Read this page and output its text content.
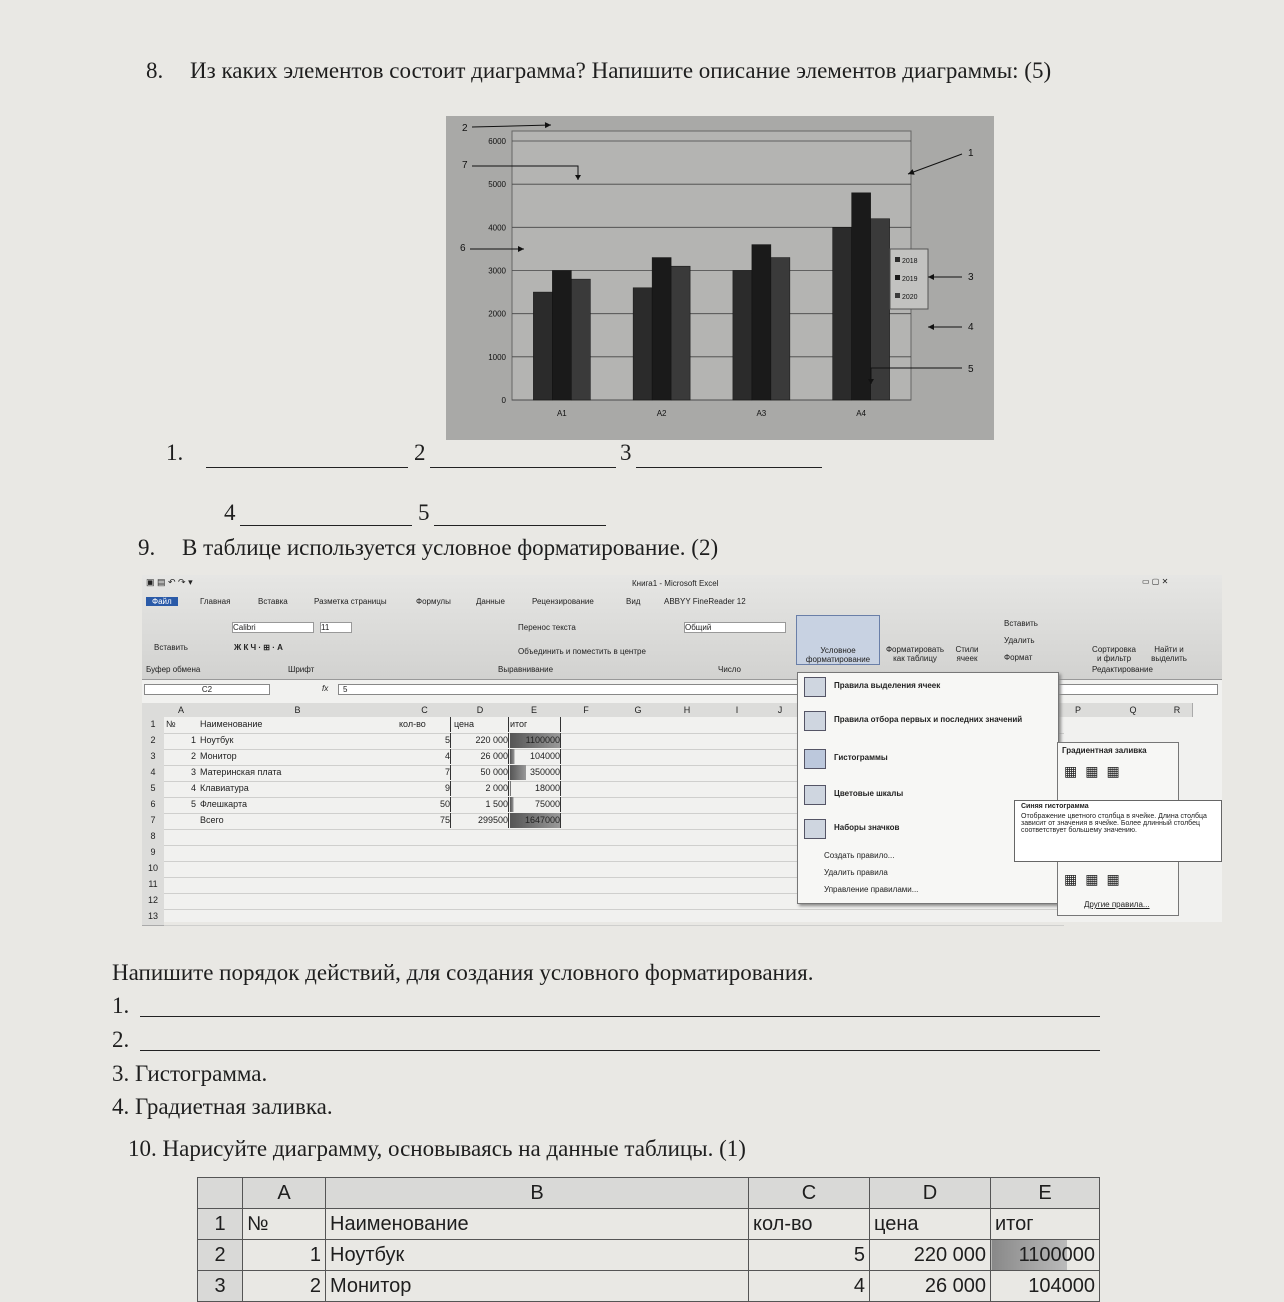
8. Из каких элементов состоит диаграмма? Напишите описание элементов диаграммы: (5)
0
1000
2000
3000
4000
5000
6000
A1	A2	A3	A4
2018
2019
2020
2
7
6
1
3
4
5
1.	2	3
4	5
9. В таблице используется условное форматирование. (2)
▣ ▤ ↶ ↷ ▾	Книга1 - Microsoft Excel	▭ ▢ ✕
Файл	Главная	Вставка	Разметка страницы	Формулы	Данные	Рецензирование	Вид	ABBYY FineReader 12
Вставить
Calibri	11
Ж К Ч · ⊞ · A
Перенос текста
Объединить и поместить в центре
Общий
Условное форматирование
Форматировать как таблицу
Стили ячеек
Вставить
Удалить
Формат
Сортировка и фильтр
Найти и выделить
Буфер обмена	Шрифт	Выравнивание	Число	Редактирование
C2	fx	5
A	B	C	D	E	F	G	H	I	J	P	Q	R
1	№	Наименование	кол-во	цена	итог
2	1 Ноутбук	5	220 000	1100000
3	2 Монитор	4	26 000	104000
4	3 Материнская плата	7	50 000	350000
5	4 Клавиатура	9	2 000	18000
6	5 Флешкарта	50	1 500	75000
7	Всего	75	299500	1647000
8
9
10
11
12
13
Правила выделения ячеек
Правила отбора первых и последних значений
Гистограммы
Цветовые шкалы
Наборы значков
Создать правило...
Удалить правила
Управление правилами...
Градиентная заливка
▦▦▦
▦▦▦
Другие правила...
Синяя гистограмма
Отображение цветного столбца в ячейке. Длина столбца зависит от значения в ячейке. Более длинный столбец соответствует большему значению.
Напишите порядок действий, для создания условного форматирования.
1.
2.
3. Гистограмма.
4. Градиетная заливка.
10. Нарисуйте диаграмму, основываясь на данные таблицы. (1)
	A	B	C	D	E
1	№	Наименование	кол-во	цена	итог
2	1	Ноутбук	5	220 000	1100000
3	2	Монитор	4	26 000	104000
